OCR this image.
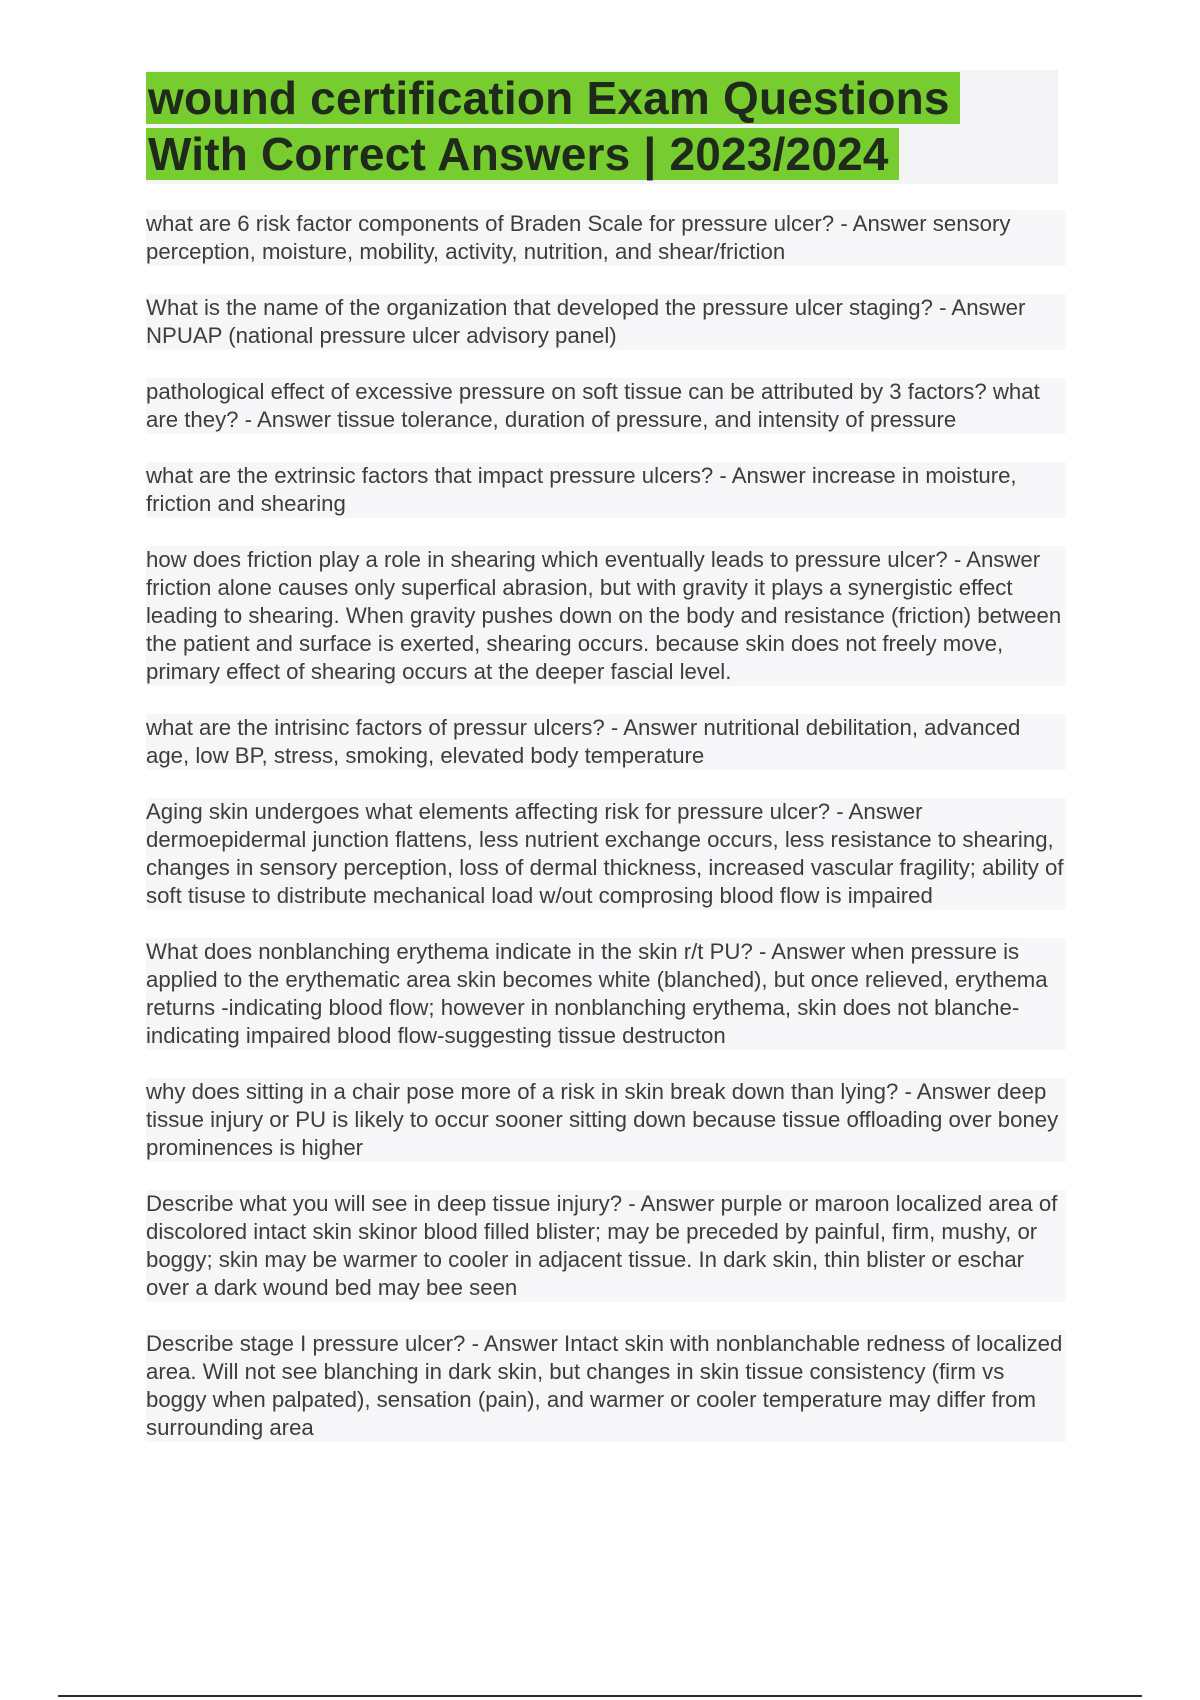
wound certification Exam Questions
With Correct Answers | 2023/2024

what are 6 risk factor components of Braden Scale for pressure ulcer? - Answer sensory perception, moisture, mobility, activity, nutrition, and shear/friction

What is the name of the organization that developed the pressure ulcer staging? - Answer NPUAP (national pressure ulcer advisory panel)

pathological effect of excessive pressure on soft tissue can be attributed by 3 factors? what are they? - Answer tissue tolerance, duration of pressure, and intensity of pressure

what are the extrinsic factors that impact pressure ulcers? - Answer increase in moisture, friction and shearing

how does friction play a role in shearing which eventually leads to pressure ulcer? - Answer friction alone causes only superfical abrasion, but with gravity it plays a synergistic effect leading to shearing. When gravity pushes down on the body and resistance (friction) between the patient and surface is exerted, shearing occurs. because skin does not freely move, primary effect of shearing occurs at the deeper fascial level.

what are the intrisinc factors of pressur ulcers? - Answer nutritional debilitation, advanced age, low BP, stress, smoking, elevated body temperature

Aging skin undergoes what elements affecting risk for pressure ulcer? - Answer dermoepidermal junction flattens, less nutrient exchange occurs, less resistance to shearing, changes in sensory perception, loss of dermal thickness, increased vascular fragility; ability of soft tisuse to distribute mechanical load w/out comprosing blood flow is impaired

What does nonblanching erythema indicate in the skin r/t PU? - Answer when pressure is applied to the erythematic area skin becomes white (blanched), but once relieved, erythema returns -indicating blood flow; however in nonblanching erythema, skin does not blanche-indicating impaired blood flow-suggesting tissue destructon

why does sitting in a chair pose more of a risk in skin break down than lying? - Answer deep tissue injury or PU is likely to occur sooner sitting down because tissue offloading over boney prominences is higher

Describe what you will see in deep tissue injury? - Answer purple or maroon localized area of discolored intact skin skinor blood filled blister; may be preceded by painful, firm, mushy, or boggy; skin may be warmer to cooler in adjacent tissue. In dark skin, thin blister or eschar over a dark wound bed may bee seen

Describe stage I pressure ulcer? - Answer Intact skin with nonblanchable redness of localized area. Will not see blanching in dark skin, but changes in skin tissue consistency (firm vs boggy when palpated), sensation (pain), and warmer or cooler temperature may differ from surrounding area
